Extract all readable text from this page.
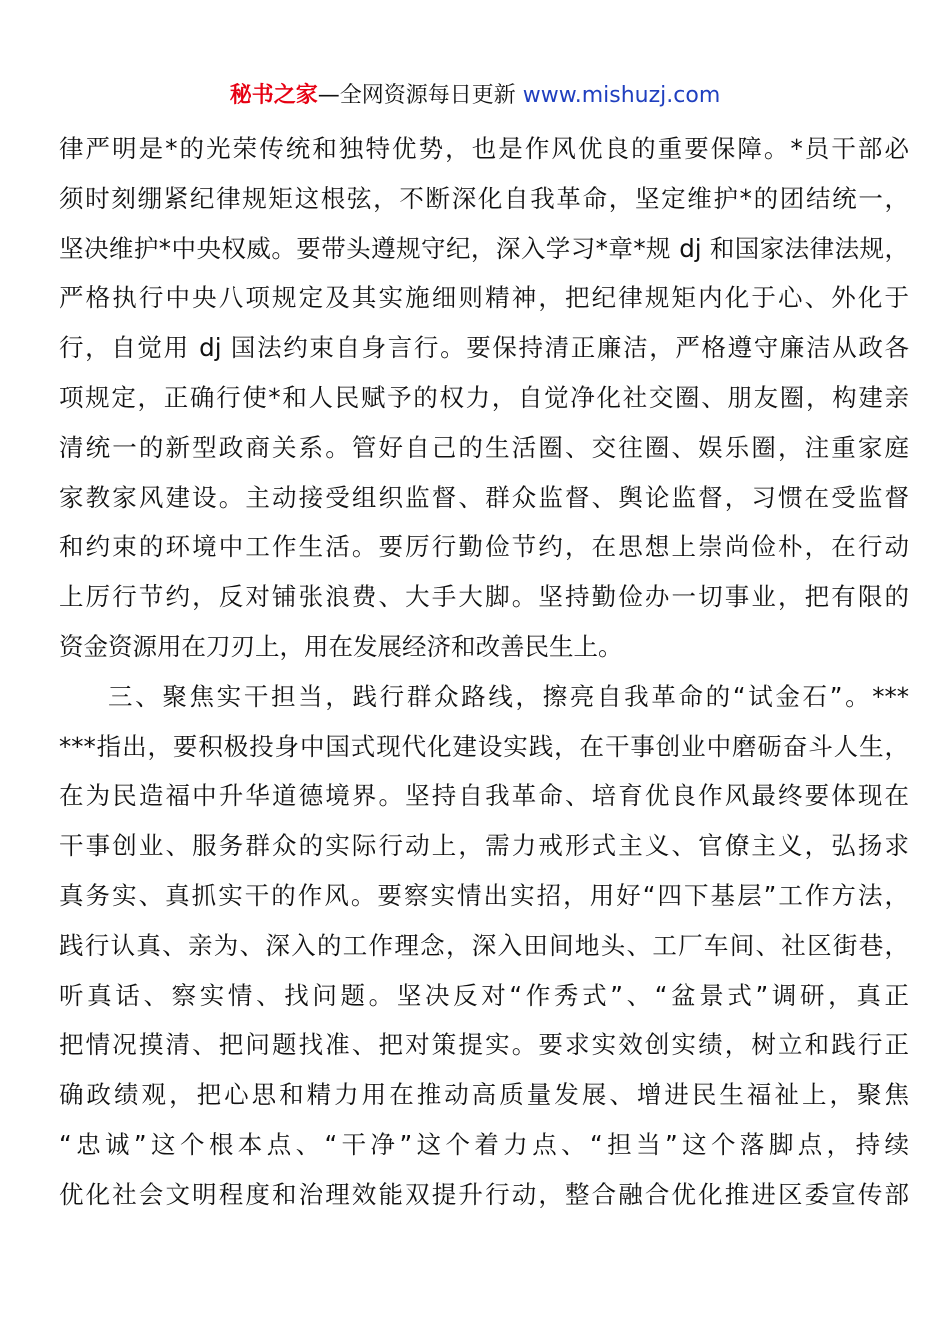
秘书之家—全网资源每日更新 www.mishuzj.com
律严明是*的光荣传统和独特优势，也是作风优良的重要保障。*员干部必
须时刻绷紧纪律规矩这根弦，不断深化自我革命，坚定维护*的团结统一，
坚决维护*中央权威。要带头遵规守纪，深入学习*章*规 dj 和国家法律法规，
严格执行中央八项规定及其实施细则精神，把纪律规矩内化于心、外化于
行，自觉用 dj 国法约束自身言行。要保持清正廉洁，严格遵守廉洁从政各
项规定，正确行使*和人民赋予的权力，自觉净化社交圈、朋友圈，构建亲
清统一的新型政商关系。管好自己的生活圈、交往圈、娱乐圈，注重家庭
家教家风建设。主动接受组织监督、群众监督、舆论监督，习惯在受监督
和约束的环境中工作生活。要厉行勤俭节约，在思想上崇尚俭朴，在行动
上厉行节约，反对铺张浪费、大手大脚。坚持勤俭办一切事业，把有限的
资金资源用在刀刃上，用在发展经济和改善民生上。
三、聚焦实干担当，践行群众路线，擦亮自我革命的“试金石”。***
***指出，要积极投身中国式现代化建设实践，在干事创业中磨砺奋斗人生，
在为民造福中升华道德境界。坚持自我革命、培育优良作风最终要体现在
干事创业、服务群众的实际行动上，需力戒形式主义、官僚主义，弘扬求
真务实、真抓实干的作风。要察实情出实招，用好“四下基层”工作方法，
践行认真、亲为、深入的工作理念，深入田间地头、工厂车间、社区街巷，
听真话、察实情、找问题。坚决反对“作秀式”、“盆景式”调研，真正
把情况摸清、把问题找准、把对策提实。要求实效创实绩，树立和践行正
确政绩观，把心思和精力用在推动高质量发展、增进民生福祉上，聚焦
“忠诚”这个根本点、“干净”这个着力点、“担当”这个落脚点，持续
优化社会文明程度和治理效能双提升行动，整合融合优化推进区委宣传部
